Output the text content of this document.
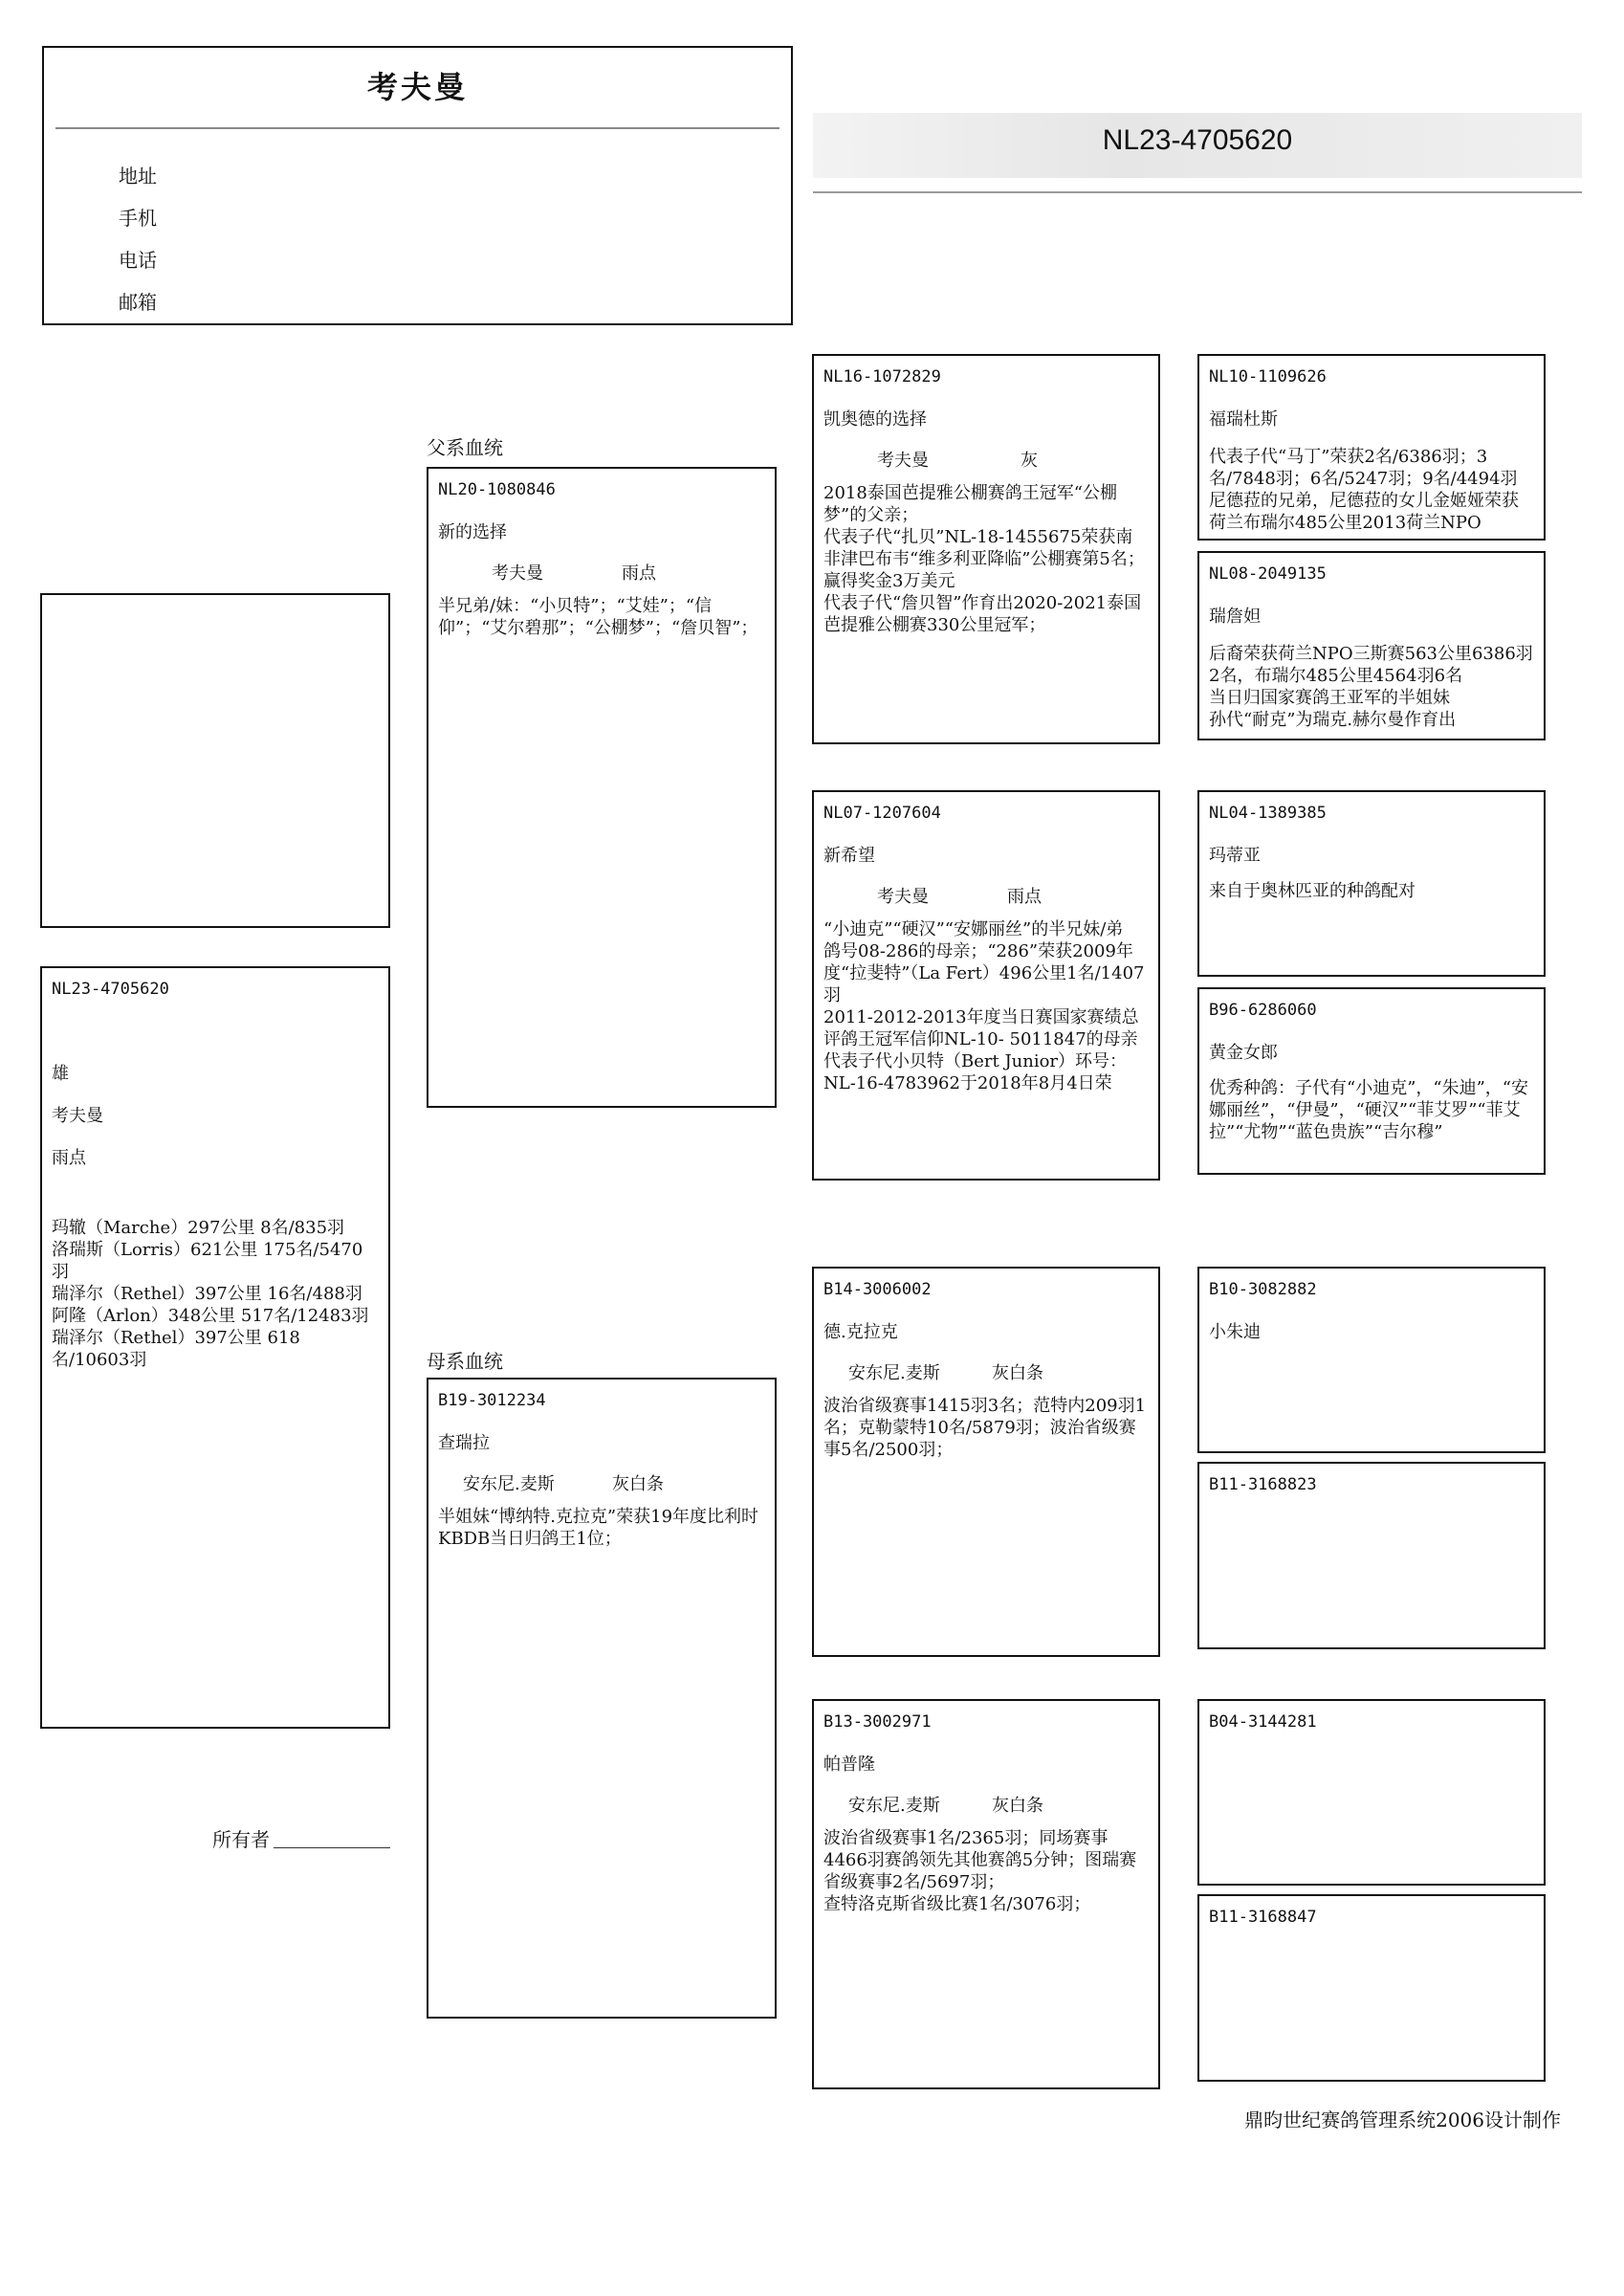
考夫曼
地址
手机
电话
邮箱
NL23-4705620
NL23-4705620
雄
考夫曼
雨点
玛辙（Marche）297公里 8名/835羽
洛瑞斯（Lorris）621公里 175名/5470羽
瑞泽尔（Rethel）397公里 16名/488羽
阿隆（Arlon）348公里 517名/12483羽
瑞泽尔（Rethel）397公里 618名/10603羽
父系血统
母系血统
NL20-1080846
新的选择
考夫曼	雨点
半兄弟/妹：“小贝特”；“艾娃”；“信仰”；“艾尔碧那”；“公棚梦”；“詹贝智”；
B19-3012234
查瑞拉
安东尼.麦斯	灰白条
半姐妹“博纳特.克拉克”荣获19年度比利时KBDB当日归鸽王1位；
NL16-1072829
凯奥德的选择
考夫曼	灰
2018泰国芭提雅公棚赛鸽王冠军“公棚梦”的父亲；
代表子代“扎贝”NL-18-1455675荣获南非津巴布韦“维多利亚降临”公棚赛第5名；赢得奖金3万美元
代表子代“詹贝智”作育出2020-2021泰国芭提雅公棚赛330公里冠军；
NL07-1207604
新希望
考夫曼	雨点
“小迪克”“硬汉”“安娜丽丝”的半兄妹/弟
鸽号08-286的母亲；“286”荣获2009年度“拉斐特”（La Fert）496公里1名/1407羽
2011-2012-2013年度当日赛国家赛绩总评鸽王冠军信仰NL-10- 5011847的母亲
代表子代小贝特（Bert Junior）环号：NL-16-4783962于2018年8月4日荣
B14-3006002
德.克拉克
安东尼.麦斯	灰白条
波治省级赛事1415羽3名；范特内209羽1名；克勒蒙特10名/5879羽；波治省级赛事5名/2500羽；
B13-3002971
帕普隆
安东尼.麦斯	灰白条
波治省级赛事1名/2365羽；同场赛事4466羽赛鸽领先其他赛鸽5分钟；图瑞赛省级赛事2名/5697羽；
查特洛克斯省级比赛1名/3076羽；
NL10-1109626
福瑞杜斯
代表子代“马丁”荣获2名/6386羽；3名/7848羽；6名/5247羽；9名/4494羽
尼德菈的兄弟，尼德菈的女儿金姬娅荣获荷兰布瑞尔485公里2013荷兰NPO
NL08-2049135
瑞詹妲
后裔荣获荷兰NPO三斯赛563公里6386羽2名，布瑞尔485公里4564羽6名
当日归国家赛鸽王亚军的半姐妹
孙代“耐克”为瑞克.赫尔曼作育出
NL04-1389385
玛蒂亚
来自于奥林匹亚的种鸽配对
B96-6286060
黄金女郎
优秀种鸽：子代有“小迪克”，“朱迪”，“安娜丽丝”，“伊曼”，“硬汉”“菲艾罗”“菲艾拉”“尤物”“蓝色贵族”“吉尔穆”
B10-3082882
小朱迪
B11-3168823
B04-3144281
B11-3168847
所有者
鼎昀世纪赛鸽管理系统2006设计制作
